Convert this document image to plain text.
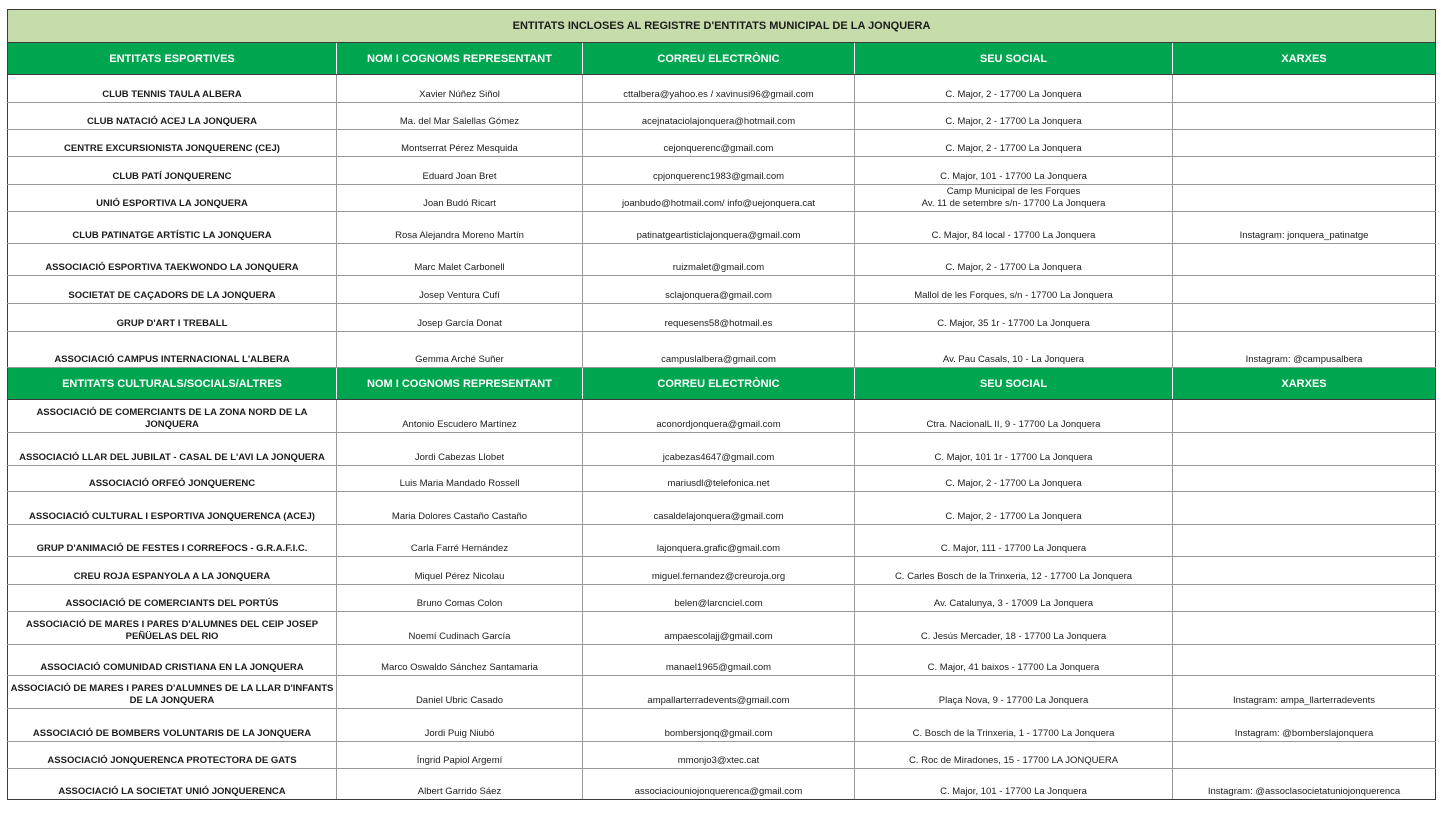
ENTITATS INCLOSES AL REGISTRE D'ENTITATS MUNICIPAL DE LA JONQUERA				
ENTITATS ESPORTIVES	NOM I COGNOMS REPRESENTANT	CORREU ELECTRÒNIC	SEU SOCIAL	XARXES
CLUB TENNIS TAULA ALBERA	Xavier Núñez Siñol	cttalbera@yahoo.es / xavinusi96@gmail.com	C. Major, 2 - 17700 La Jonquera	
CLUB NATACIÓ ACEJ LA JONQUERA	Ma. del Mar Salellas Gómez	acejnataciolajonquera@hotmail.com	C. Major, 2 - 17700 La Jonquera	
CENTRE EXCURSIONISTA JONQUERENC (CEJ)	Montserrat Pérez Mesquida	cejonquerenc@gmail.com	C. Major, 2 - 17700 La Jonquera	
CLUB PATÍ JONQUERENC	Eduard Joan Bret	cpjonquerenc1983@gmail.com	C. Major, 101 - 17700 La Jonquera	
UNIÓ ESPORTIVA LA JONQUERA	Joan Budó Ricart	joanbudo@hotmail.com/ info@uejonquera.cat	Camp Municipal de les Forques
Av. 11 de setembre s/n- 17700 La Jonquera	
CLUB PATINATGE ARTÍSTIC LA JONQUERA	Rosa Alejandra Moreno Martín	patinatgeartisticlajonquera@gmail.com	C. Major, 84 local - 17700 La Jonquera	Instagram: jonquera_patinatge
ASSOCIACIÓ ESPORTIVA TAEKWONDO LA JONQUERA	Marc Malet Carbonell	ruizmalet@gmail.com	C. Major, 2 - 17700 La Jonquera	
SOCIETAT DE CAÇADORS DE LA JONQUERA	Josep Ventura Cufí	sclajonquera@gmail.com	Mallol de les Forques, s/n - 17700 La Jonquera	
GRUP D'ART I TREBALL	Josep García Donat	requesens58@hotmail.es	C. Major, 35 1r - 17700 La Jonquera	
ASSOCIACIÓ CAMPUS INTERNACIONAL L'ALBERA	Gemma Arché Suñer	campuslalbera@gmail.com	Av. Pau Casals, 10 - La Jonquera	Instagram: @campusalbera
ENTITATS CULTURALS/SOCIALS/ALTRES	NOM I COGNOMS REPRESENTANT	CORREU ELECTRÒNIC	SEU SOCIAL	XARXES
ASSOCIACIÓ DE COMERCIANTS DE LA ZONA NORD DE LA JONQUERA	Antonio Escudero Martínez	aconordjonquera@gmail.com	Ctra. NacionalL II, 9 - 17700 La Jonquera	
ASSOCIACIÓ LLAR DEL JUBILAT - CASAL DE L'AVI LA JONQUERA	Jordi Cabezas Llobet	jcabezas4647@gmail.com	C. Major, 101 1r - 17700 La Jonquera	
ASSOCIACIÓ ORFEÓ JONQUERENC	Luis Maria Mandado Rossell	mariusdl@telefonica.net	C. Major, 2 - 17700 La Jonquera	
ASSOCIACIÓ CULTURAL I ESPORTIVA JONQUERENCA (ACEJ)	Maria Dolores Castaño Castaño	casaldelajonquera@gmail.com	C. Major, 2 - 17700 La Jonquera	
GRUP D'ANIMACIÓ DE FESTES I CORREFOCS - G.R.A.F.I.C.	Carla Farré Hernández	lajonquera.grafic@gmail.com	C. Major, 111 - 17700 La Jonquera	
CREU ROJA ESPANYOLA A LA JONQUERA	Miquel Pérez Nicolau	miguel.fernandez@creuroja.org	C. Carles Bosch de la Trinxeria, 12 - 17700 La Jonquera	
ASSOCIACIÓ DE COMERCIANTS DEL PORTÚS	Bruno Comas Colon	belen@larcnciel.com	Av. Catalunya, 3 - 17009 La Jonquera	
ASSOCIACIÓ DE MARES I PARES D'ALUMNES DEL CEIP JOSEP PEÑÜELAS DEL RIO	Noemí Cudinach García	ampaescolajj@gmail.com	C. Jesús Mercader, 18 - 17700 La Jonquera	
ASSOCIACIÓ COMUNIDAD CRISTIANA EN LA JONQUERA	Marco Oswaldo Sánchez Santamaria	manael1965@gmail.com	C. Major, 41 baixos - 17700 La Jonquera	
ASSOCIACIÓ DE MARES I PARES D'ALUMNES DE LA LLAR D'INFANTS DE LA JONQUERA	Daniel Ubric Casado	ampallarterradevents@gmail.com	Plaça Nova, 9 - 17700 La Jonquera	Instagram: ampa_llarterradevents
ASSOCIACIÓ DE BOMBERS VOLUNTARIS DE LA JONQUERA	Jordi Puig Niubó	bombersjonq@gmail.com	C. Bosch de la Trinxeria, 1 - 17700 La Jonquera	Instagram: @bomberslajonquera
ASSOCIACIÓ JONQUERENCA PROTECTORA DE GATS	Íngrid Papiol Argemí	mmonjo3@xtec.cat	C. Roc de Miradones, 15 - 17700 LA JONQUERA	
ASSOCIACIÓ LA SOCIETAT UNIÓ JONQUERENCA	Albert Garrido Sáez	associaciouniojonquerenca@gmail.com	C. Major, 101 - 17700 La Jonquera	Instagram: @assoclasocietatuniojonquerenca
